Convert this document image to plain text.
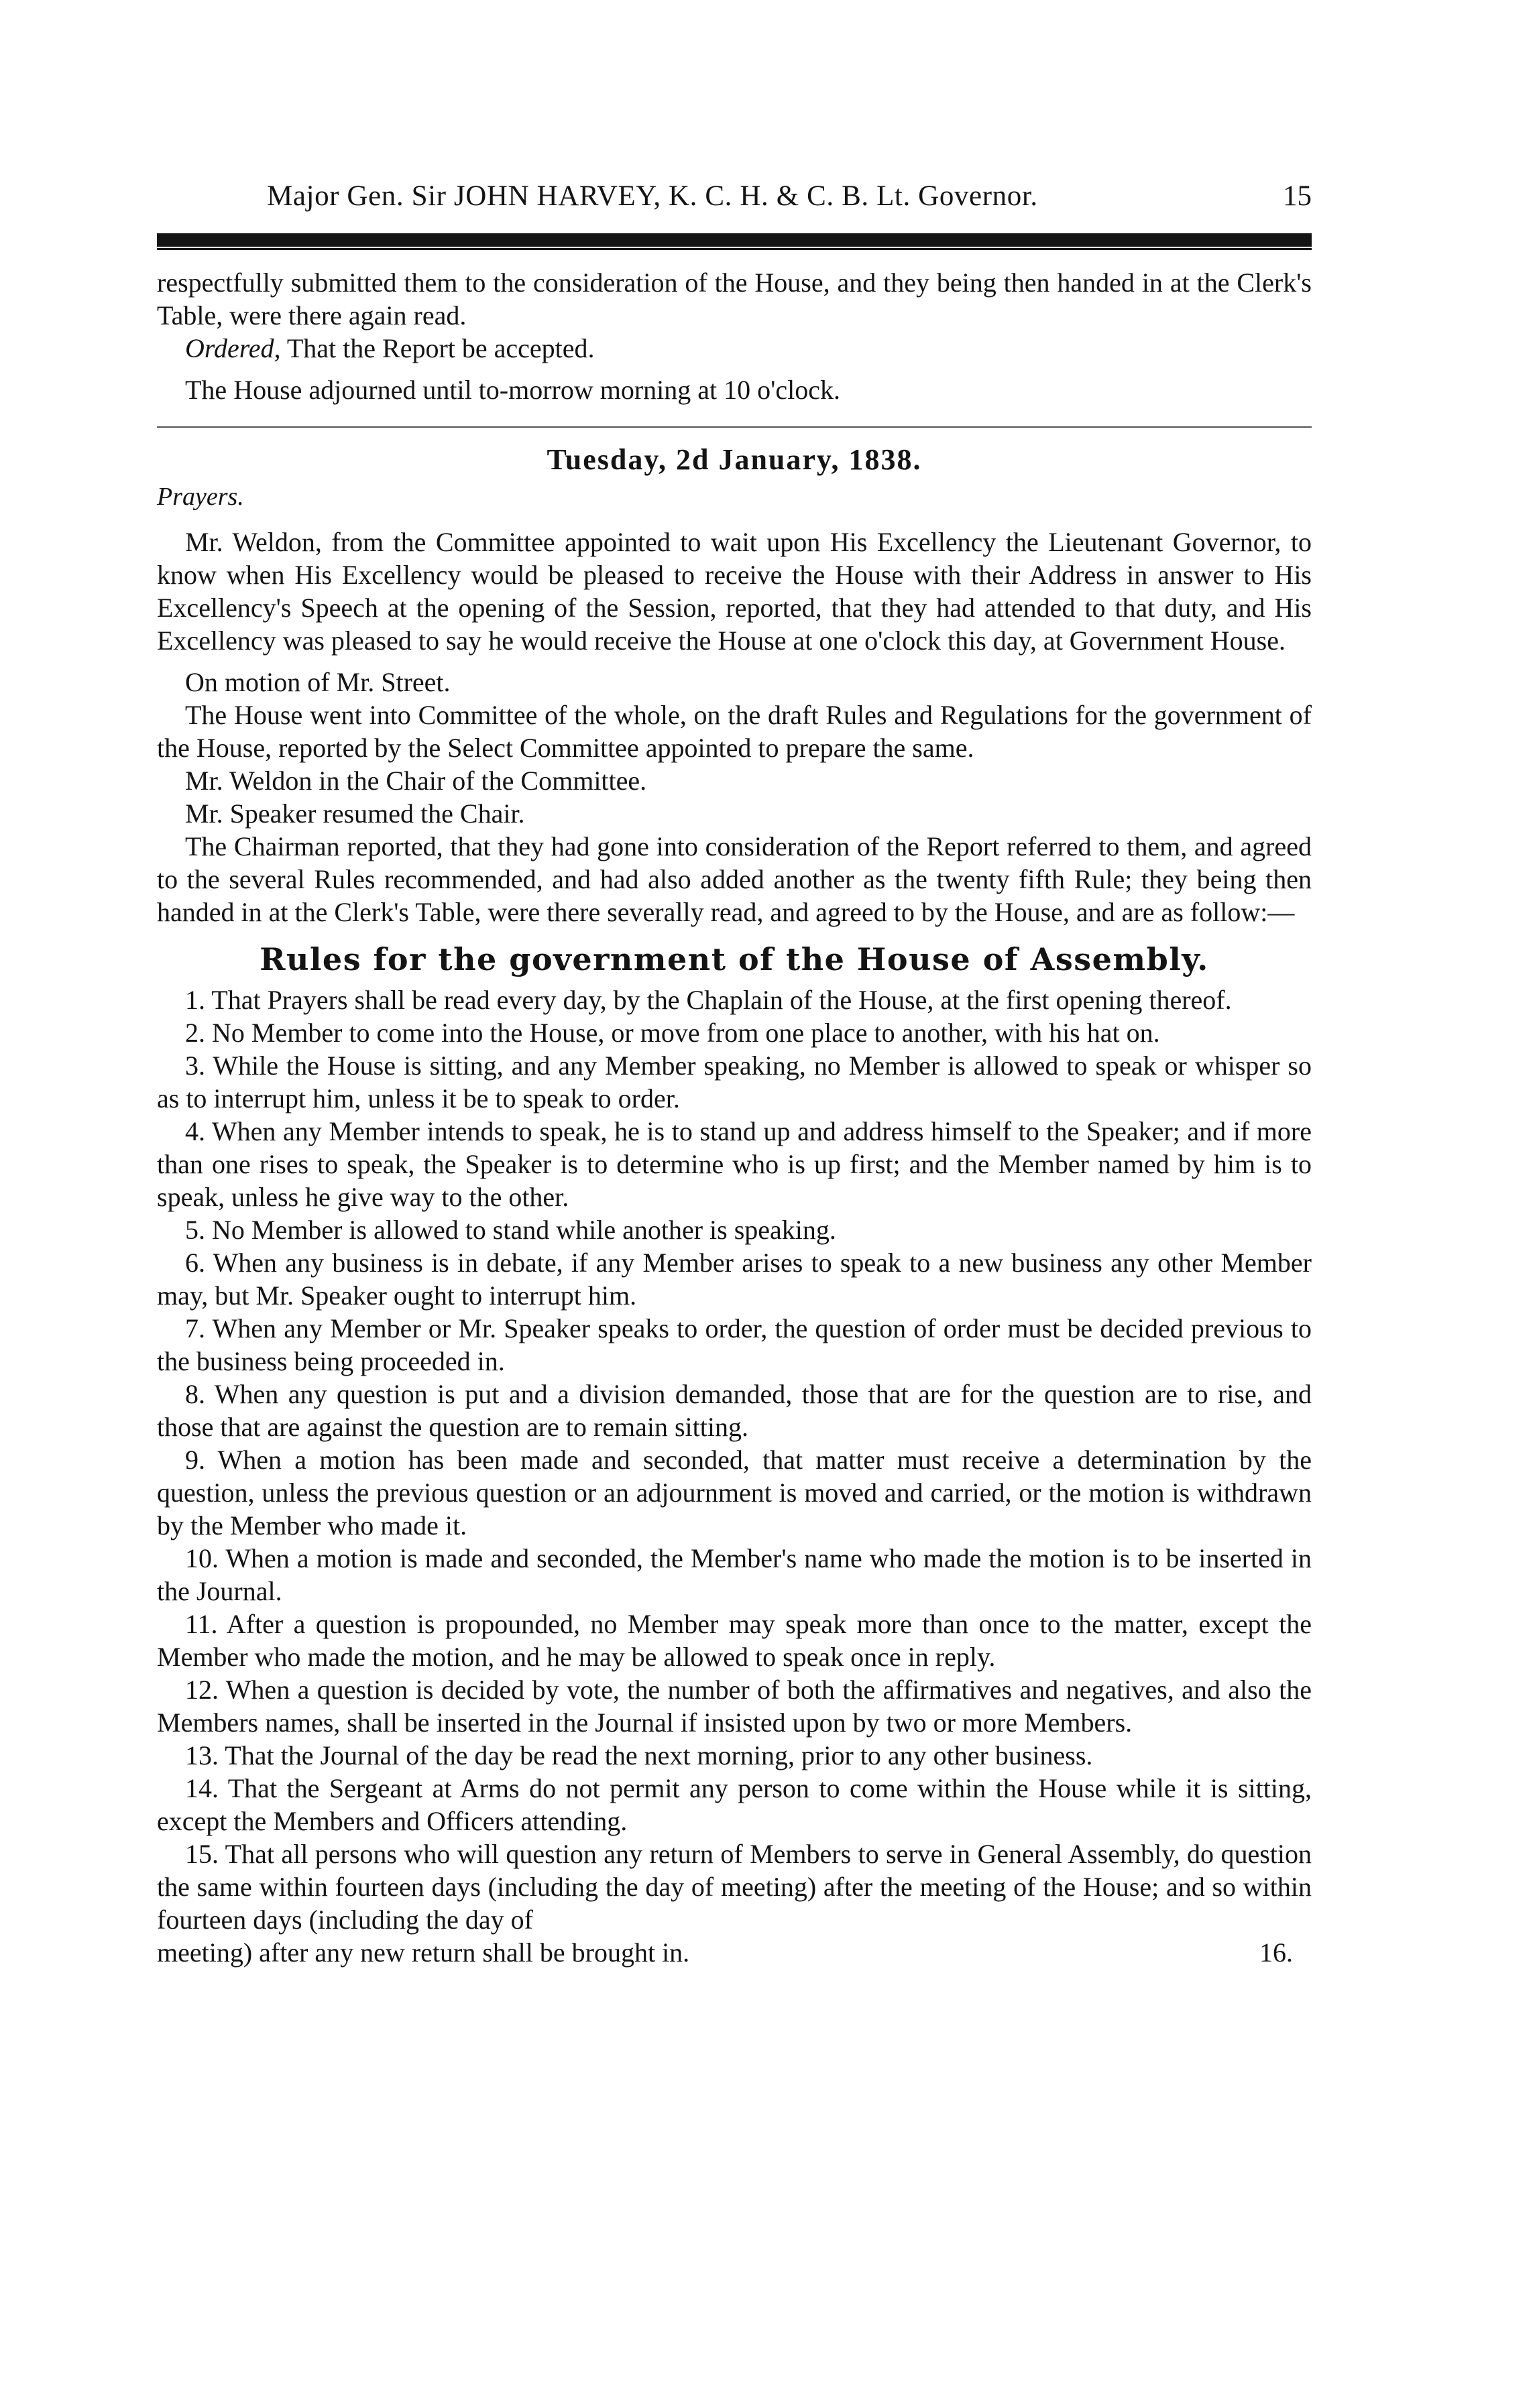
Major Gen. Sir JOHN HARVEY, K. C. H. & C. B. Lt. Governor.	15

respectfully submitted them to the consideration of the House, and they being then handed in at the Clerk's Table, were there again read.

Ordered, That the Report be accepted.

The House adjourned until to-morrow morning at 10 o'clock.

Tuesday, 2d January, 1838.
Prayers.

Mr. Weldon, from the Committee appointed to wait upon His Excellency the Lieutenant Governor, to know when His Excellency would be pleased to receive the House with their Address in answer to His Excellency's Speech at the opening of the Session, reported, that they had attended to that duty, and His Excellency was pleased to say he would receive the House at one o'clock this day, at Government House.

On motion of Mr. Street.

The House went into Committee of the whole, on the draft Rules and Regulations for the government of the House, reported by the Select Committee appointed to prepare the same.

Mr. Weldon in the Chair of the Committee.

Mr. Speaker resumed the Chair.

The Chairman reported, that they had gone into consideration of the Report referred to them, and agreed to the several Rules recommended, and had also added another as the twenty fifth Rule; they being then handed in at the Clerk's Table, were there severally read, and agreed to by the House, and are as follow:—

Rules for the government of the House of Assembly.

1. That Prayers shall be read every day, by the Chaplain of the House, at the first opening thereof.

2. No Member to come into the House, or move from one place to another, with his hat on.

3. While the House is sitting, and any Member speaking, no Member is allowed to speak or whisper so as to interrupt him, unless it be to speak to order.

4. When any Member intends to speak, he is to stand up and address himself to the Speaker; and if more than one rises to speak, the Speaker is to determine who is up first; and the Member named by him is to speak, unless he give way to the other.

5. No Member is allowed to stand while another is speaking.

6. When any business is in debate, if any Member arises to speak to a new business any other Member may, but Mr. Speaker ought to interrupt him.

7. When any Member or Mr. Speaker speaks to order, the question of order must be decided previous to the business being proceeded in.

8. When any question is put and a division demanded, those that are for the question are to rise, and those that are against the question are to remain sitting.

9. When a motion has been made and seconded, that matter must receive a determination by the question, unless the previous question or an adjournment is moved and carried, or the motion is withdrawn by the Member who made it.

10. When a motion is made and seconded, the Member's name who made the motion is to be inserted in the Journal.

11. After a question is propounded, no Member may speak more than once to the matter, except the Member who made the motion, and he may be allowed to speak once in reply.

12. When a question is decided by vote, the number of both the affirmatives and negatives, and also the Members names, shall be inserted in the Journal if insisted upon by two or more Members.

13. That the Journal of the day be read the next morning, prior to any other business.

14. That the Sergeant at Arms do not permit any person to come within the House while it is sitting, except the Members and Officers attending.

15. That all persons who will question any return of Members to serve in General Assembly, do question the same within fourteen days (including the day of meeting) after the meeting of the House; and so within fourteen days (including the day of

meeting) after any new return shall be brought in.	16.
